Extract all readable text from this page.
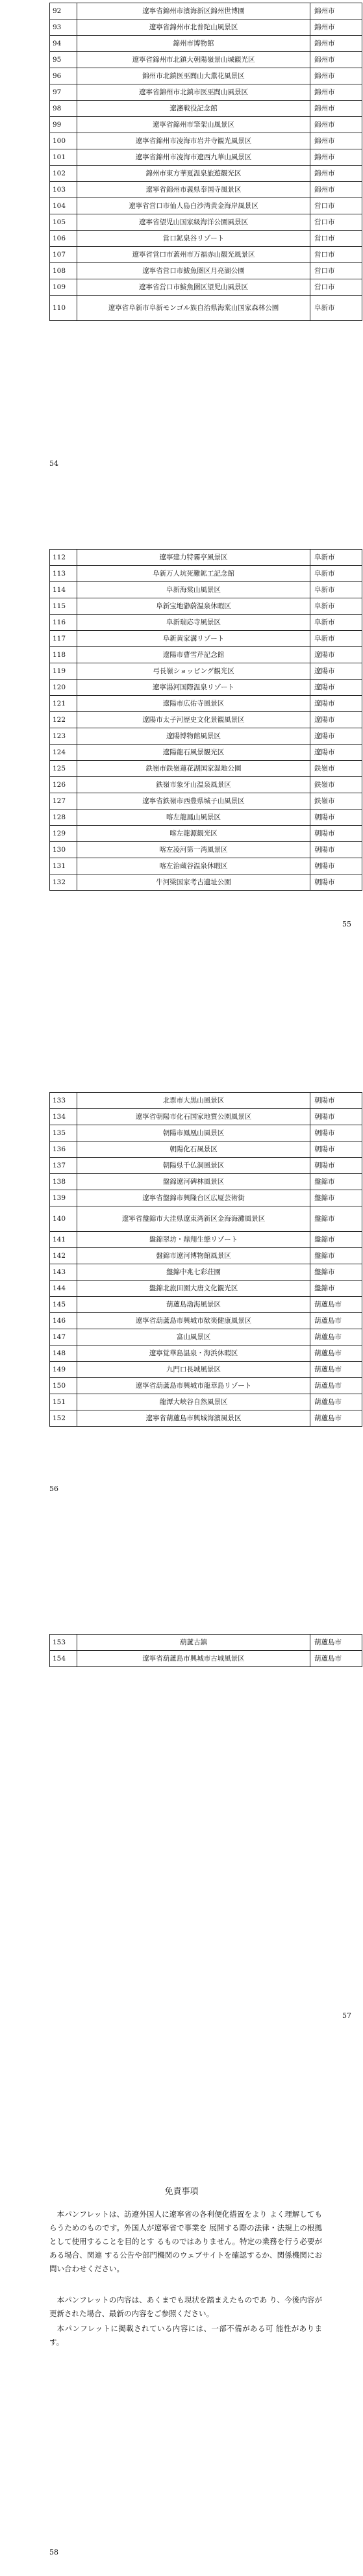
92	遼寧省錦州市濱海新区錦州世博園	錦州市
93	遼寧省錦州市北普陀山風景区	錦州市
94	錦州市博物館	錦州市
95	遼寧省錦州市北鎮大朝陽嶺景山城観光区	錦州市
96	錦州市北鎮医巫閭山大薫花風景区	錦州市
97	遼寧省錦州市北鎮市医巫閭山風景区	錦州市
98	遼瀋戦役記念館	錦州市
99	遼寧省錦州市筆架山風景区	錦州市
100	遼寧省錦州市凌海市岩井寺観光風景区	錦州市
101	遼寧省錦州市凌海市遼西九華山風景区	錦州市
102	錦州市東方華夏温泉旅遊観光区	錦州市
103	遼寧省錦州市義県奉国寺風景区	錦州市
104	遼寧省営口市仙人島白沙湾黄金海岸風景区	営口市
105	遼寧省望児山国家級海洋公園風景区	営口市
106	営口鉱泉谷リゾート	営口市
107	遼寧省営口市蓋州市万福赤山観光風景区	営口市
108	遼寧省営口市鮁魚圏区月亮湖公園	営口市
109	遼寧省営口市鮁魚圏区望児山風景区	営口市
110	遼寧省阜新市阜新モンゴル族自治県海棠山国家森林公園	阜新市
54
112	遼寧建力特霧亭風景区	阜新市
113	阜新万人坑死難鉱工記念館	阜新市
114	阜新海棠山風景区	阜新市
115	阜新宝地瀞蔚温泉休暇区	阜新市
116	阜新瑞応寺風景区	阜新市
117	阜新黄家溝リゾート	阜新市
118	遼陽市曹雪芹記念館	遼陽市
119	弓長嶺ショッピング観光区	遼陽市
120	遼寧湯河国際温泉リゾート	遼陽市
121	遼陽市広佑寺風景区	遼陽市
122	遼陽市太子河歴史文化景観風景区	遼陽市
123	遼陽博物館風景区	遼陽市
124	遼陽龍石風景観光区	遼陽市
125	鉄嶺市鉄嶺蓮花湖国家湿地公園	鉄嶺市
126	鉄嶺市象牙山温泉風景区	鉄嶺市
127	遼寧省鉄嶺市西豊県城子山風景区	鉄嶺市
128	喀左龍鳳山風景区	朝陽市
129	喀左龍源観光区	朝陽市
130	喀左凌河第一湾風景区	朝陽市
131	喀左治蔵谷温泉休暇区	朝陽市
132	牛河梁国家考古遺址公園	朝陽市
55
133	北票市大黒山風景区	朝陽市
134	遼寧省朝陽市化石国家地質公園風景区	朝陽市
135	朝陽市鳳凰山風景区	朝陽市
136	朝陽化石風景区	朝陽市
137	朝陽県千仏洞風景区	朝陽市
138	盤錦遼河碑林風景区	盤錦市
139	遼寧省盤錦市興隆台区広厦芸術街	盤錦市
140	遼寧省盤錦市大洼県遼東湾新区金海海灘風景区	盤錦市
141	盤錦翠坊・鼎翔生態リゾート	盤錦市
142	盤錦市遼河博物館風景区	盤錦市
143	盤錦中兆七彩荘園	盤錦市
144	盤錦北旅田園大唐文化観光区	盤錦市
145	葫蘆島渤海風景区	葫蘆島市
146	遼寧省葫蘆島市興城市歓楽健康風景区	葫蘆島市
147	富山風景区	葫蘆島市
148	遼寧覚華島温泉・海浜休暇区	葫蘆島市
149	九門口長城風景区	葫蘆島市
150	遼寧省葫蘆島市興城市龍華島リゾート	葫蘆島市
151	龍潭大峡谷自然風景区	葫蘆島市
152	遼寧省葫蘆島市興城海濱風景区	葫蘆島市
56
153	葫蘆古鎮	葫蘆島市
154	遼寧省葫蘆島市興城市古城風景区	葫蘆島市
57
免責事項

本パンフレットは、訪遼外国人に遼寧省の各利便化措置をより よく理解してもらうためのものです。外国人が遼寧省で事業を 展開する際の法律・法規上の根拠として使用することを目的とす るものではありません。特定の業務を行う必要がある場合、関連 する公告や部門機関のウェブサイトを確認するか、関係機関にお 問い合わせください。

本パンフレットの内容は、あくまでも現状を踏まえたものであ り、今後内容が更新された場合、最新の内容をご参照ください。

本パンフレットに掲載されている内容には、一部不備がある可 能性があります。

58
